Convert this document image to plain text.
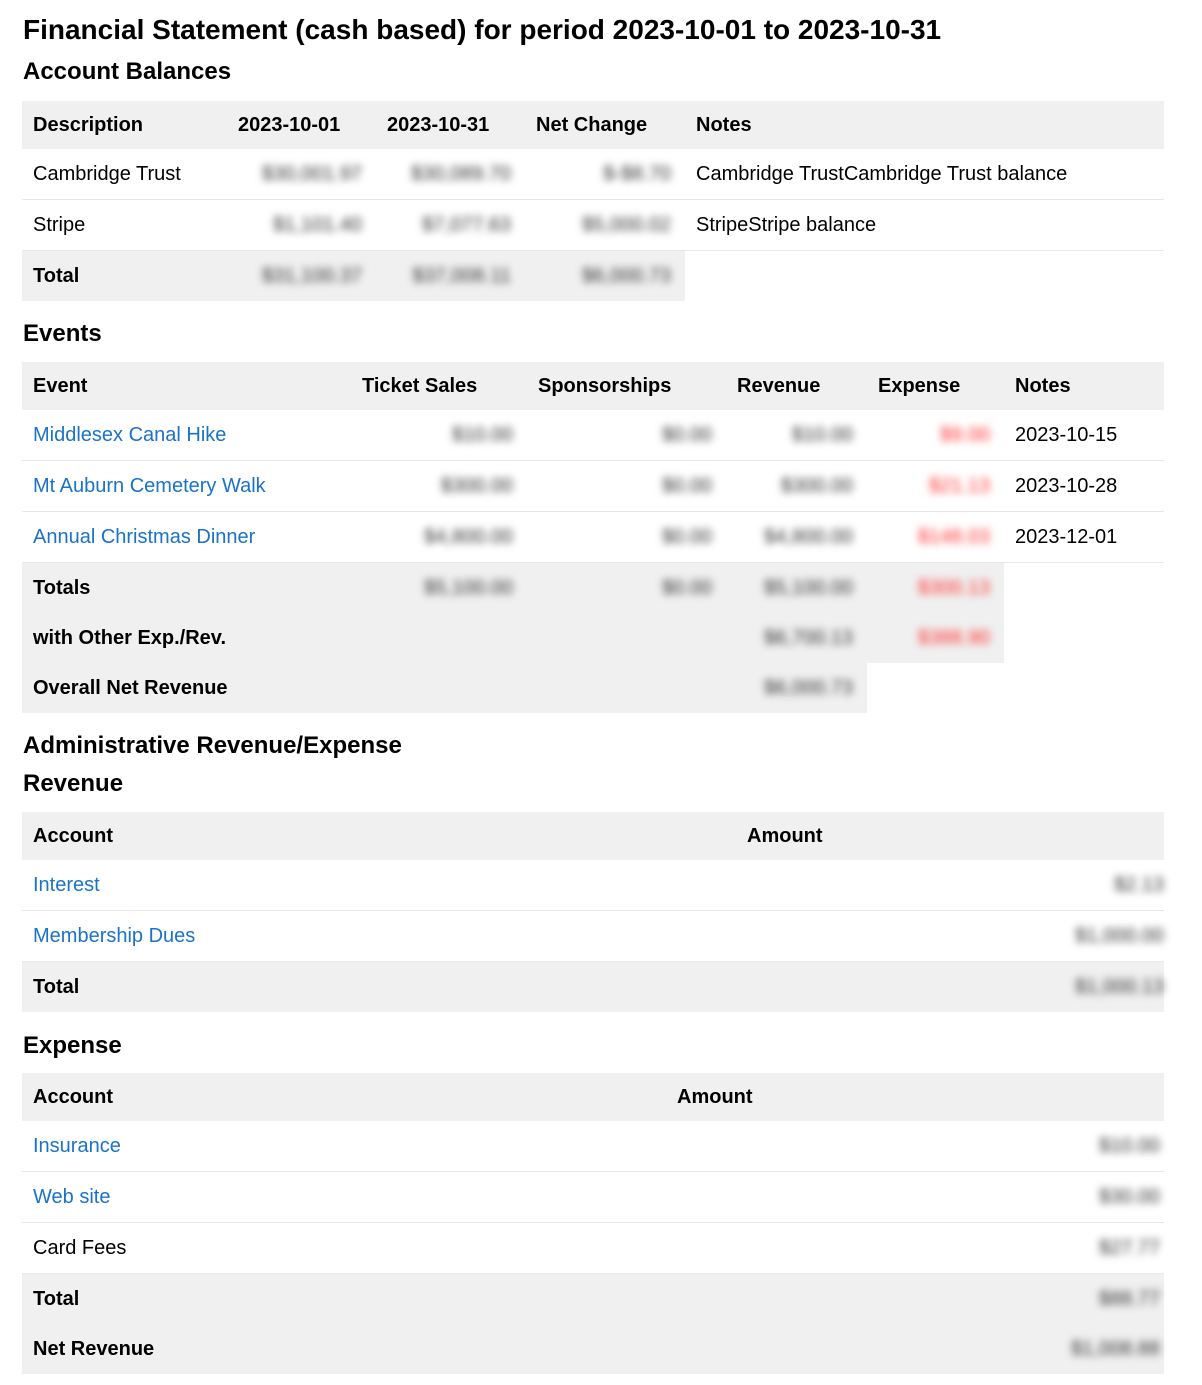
Financial Statement (cash based) for period 2023-10-01 to 2023-10-31
Account Balances
Description	2023-10-01	2023-10-31	Net Change	Notes
Cambridge Trust	$30,001.97	$30,089.70	$-$8.70	Cambridge TrustCambridge Trust balance
Stripe	$1,101.40	$7,077.63	$5,000.02	StripeStripe balance
Total	$31,100.37	$37,008.11	$6,000.73	
Events
Event	Ticket Sales	Sponsorships	Revenue	Expense	Notes
Middlesex Canal Hike	$10.00	$0.00	$10.00	$9.00	2023-10-15
Mt Auburn Cemetery Walk	$300.00	$0.00	$300.00	$21.13	2023-10-28
Annual Christmas Dinner	$4,800.00	$0.00	$4,800.00	$148.03	2023-12-01
Totals	$5,100.00	$0.00	$5,100.00	$300.13	
with Other Exp./Rev.			$6,700.13	$388.90	
Overall Net Revenue			$6,000.73		
Administrative Revenue/Expense
Revenue
Account	Amount
Interest	$2.13
Membership Dues	$1,000.00
Total	$1,000.13
Expense
Account	Amount
Insurance	$10.00
Web site	$30.00
Card Fees	$27.77
Total	$88.77
Net Revenue	$1,008.88
